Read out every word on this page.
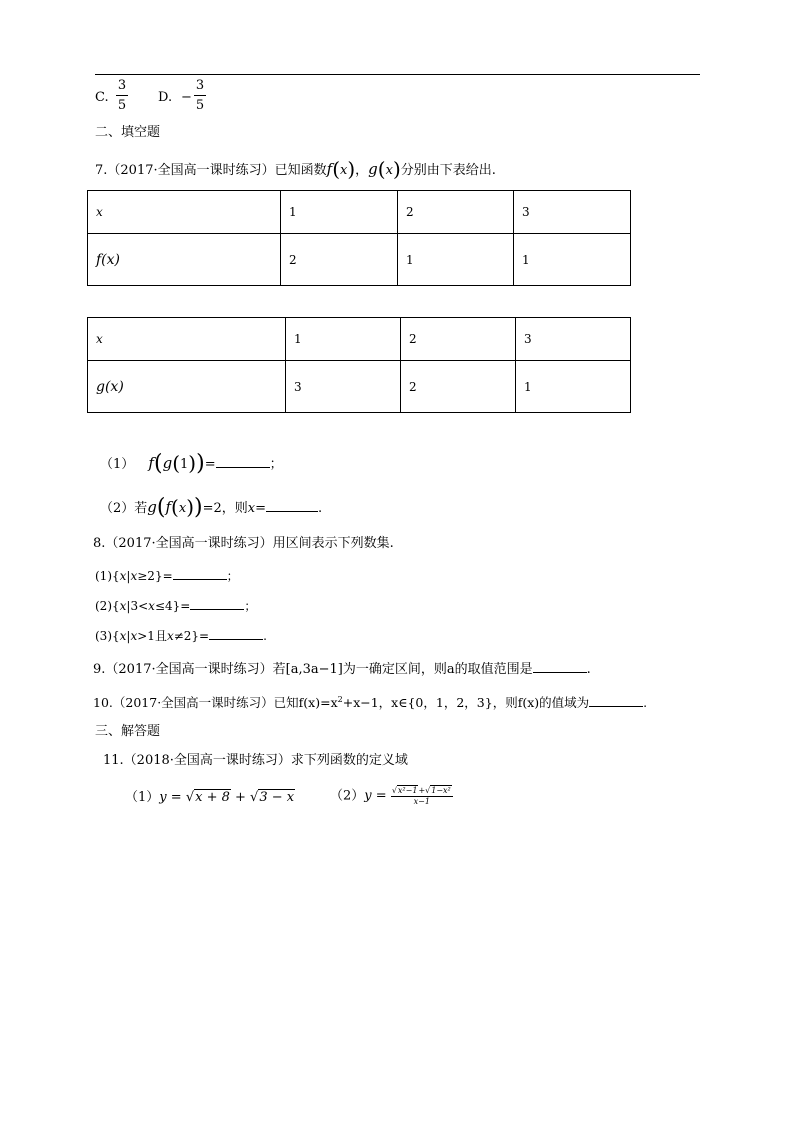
C.
3
5
D. −
3
5
二、填空题
7.（2017·全国高一课时练习）已知函数f(x)，g(x)分别由下表给出.
x	1	2	3
f(x)	2	1	1
x	1	2	3
g(x)	3	2	1
（1） f(g(1))=	；
（2）若g(f(x))=2，则x=	.
8.（2017·全国高一课时练习）用区间表示下列数集.
(1){x|x≥2}=	；
(2){x|3<x≤4}=	；
(3){x|x>1且x≠2}=	.
9.（2017·全国高一课时练习）若[a,3a−1]为一确定区间，则a的取值范围是	.
10.（2017·全国高一课时练习）已知$f(x)=x^2+x-1$，x∈{0，1，2，3}，则f(x)的值域为	.
三、解答题
11.（2018·全国高一课时练习）求下列函数的定义域
（1）y = √x + 8 + √3 − x	$(2)y = \frac{\text{√x²−1+√1−x²}}{x-1}$
